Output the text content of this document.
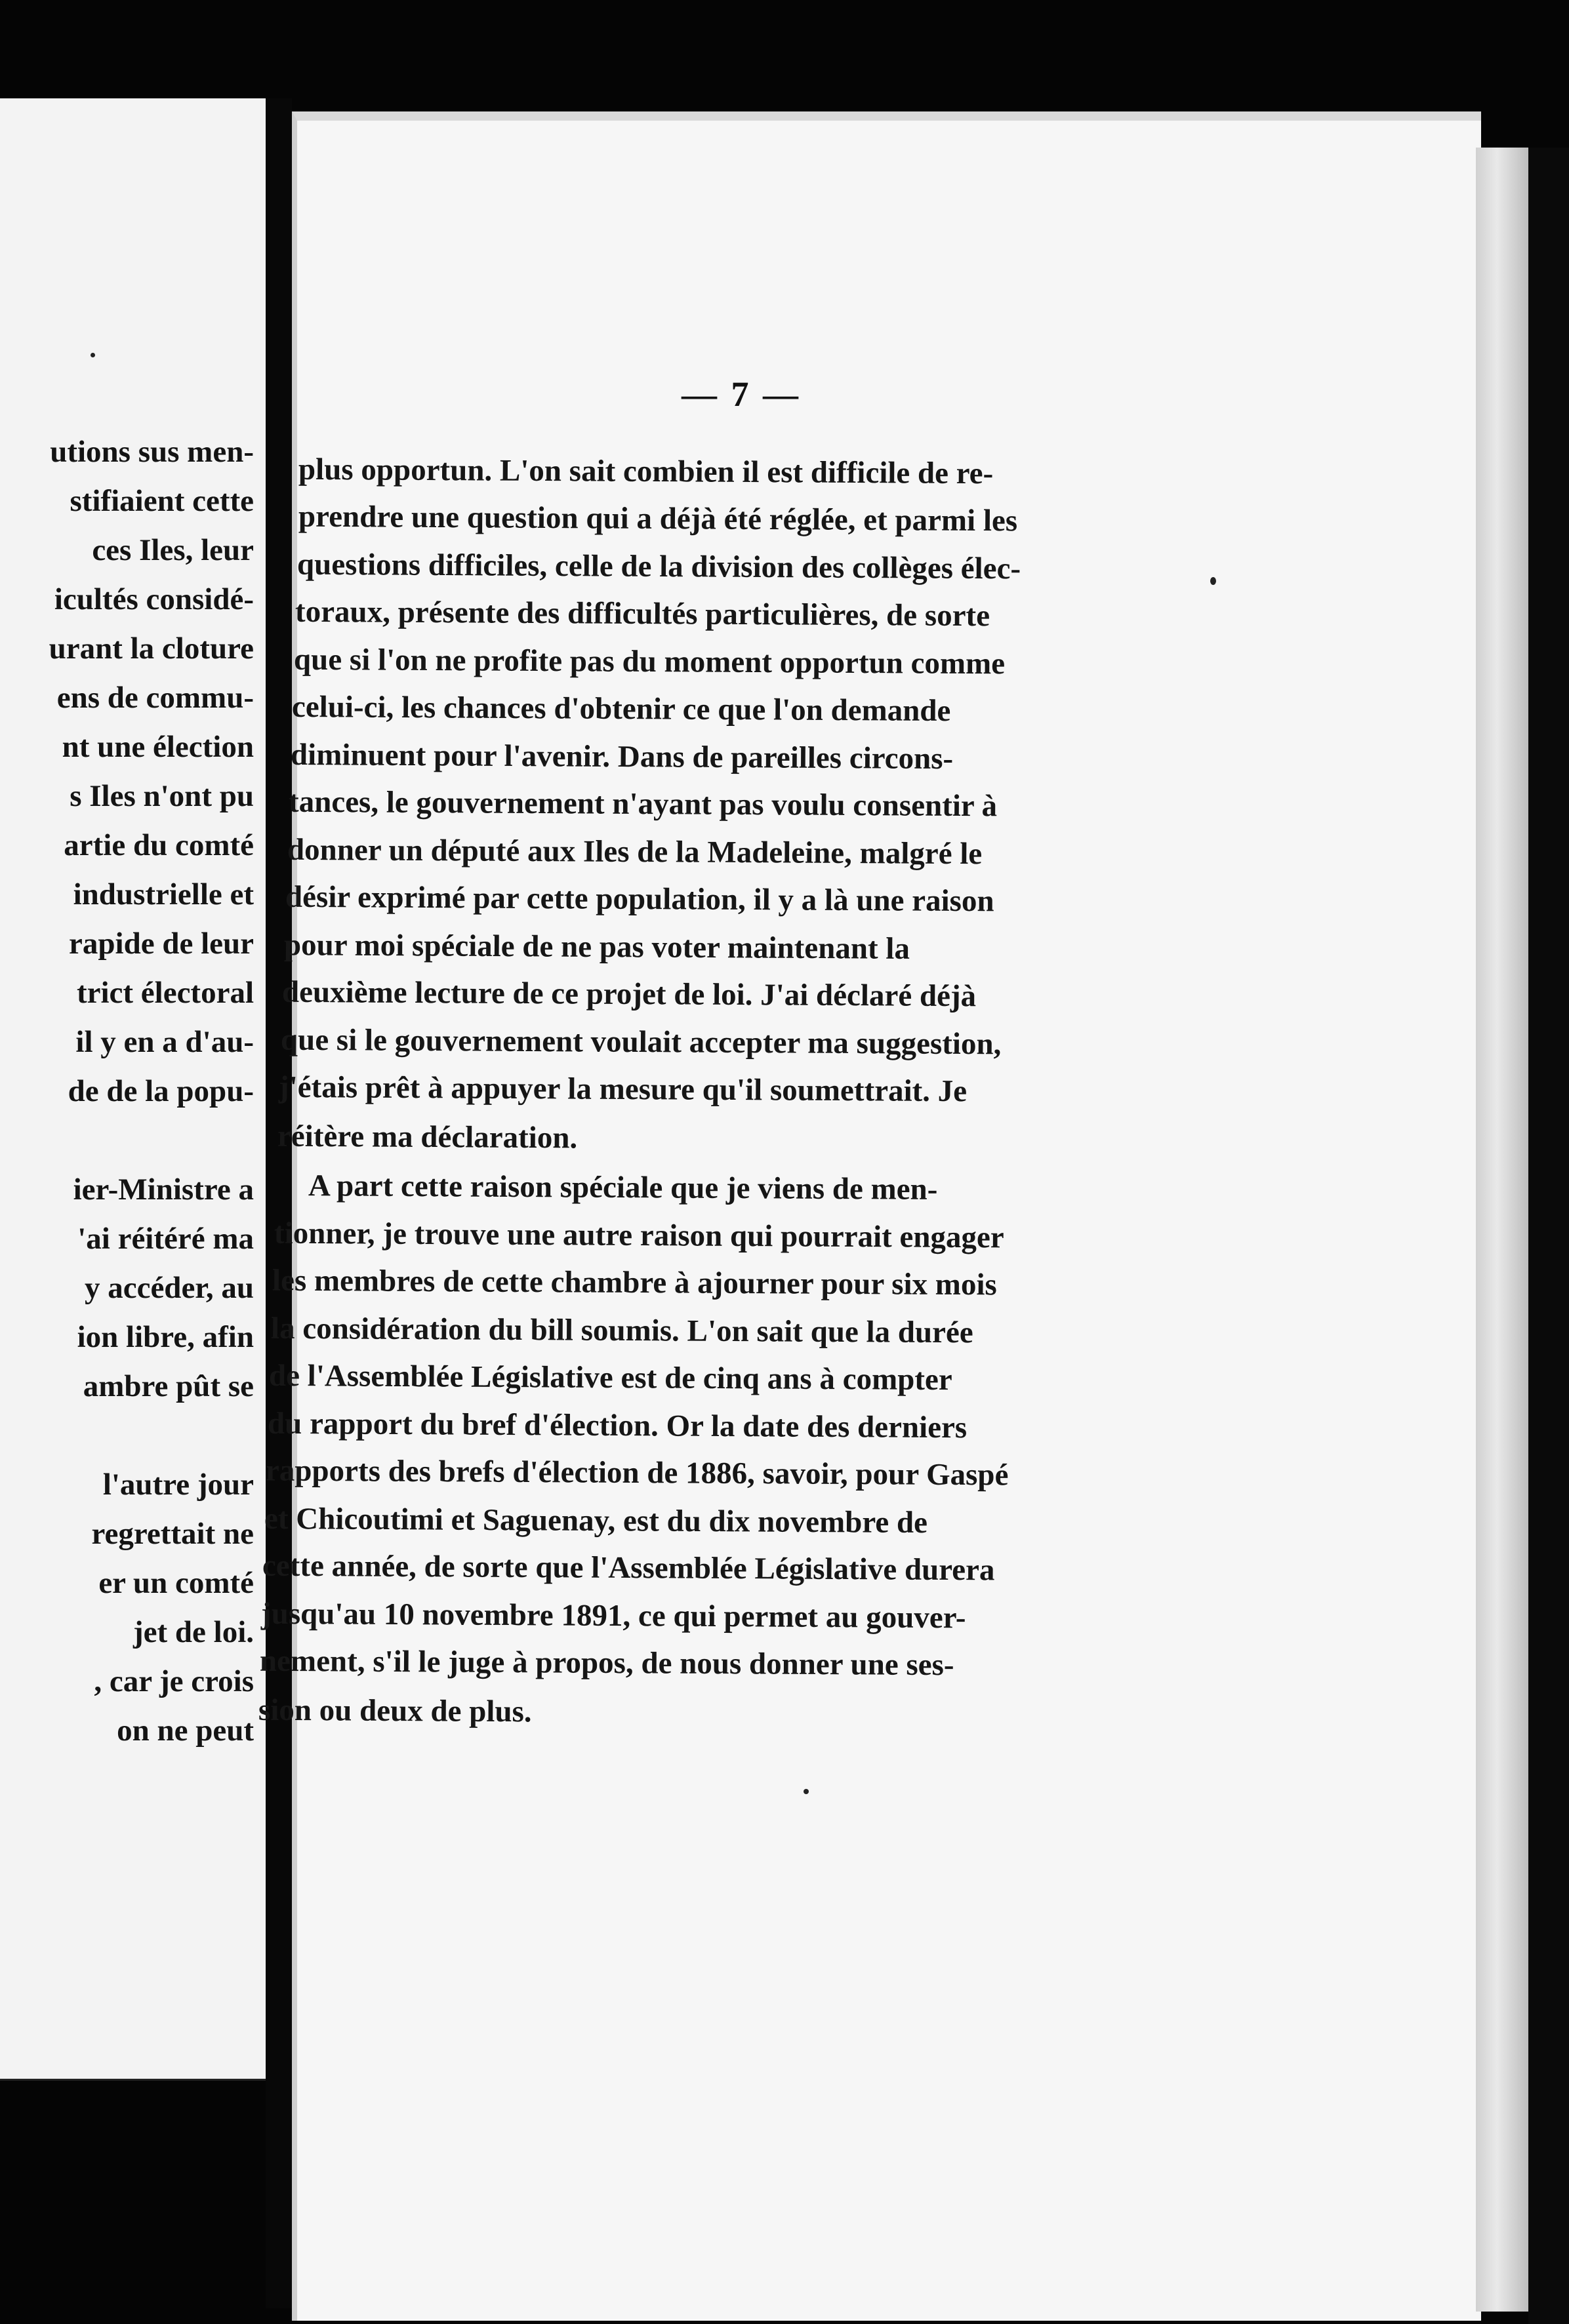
utions sus men-
stifiaient cette
ces Iles, leur
icultés considé-
urant la cloture
ens de commu-
nt une élection
s Iles n'ont pu
artie du comté
industrielle et
rapide de leur
trict électoral
il y en a d'au-
de de la popu-
ier-Ministre a
'ai réitéré ma
y accéder, au
ion libre, afin
ambre pût se
l'autre jour
regrettait ne
er un comté
jet de loi.
, car je crois
on ne peut
— 7 —
plus opportun. L'on sait combien il est difficile de re-
prendre une question qui a déjà été réglée, et parmi les
questions difficiles, celle de la division des collèges élec-
toraux, présente des difficultés particulières, de sorte
que si l'on ne profite pas du moment opportun comme
celui-ci, les chances d'obtenir ce que l'on demande
diminuent pour l'avenir. Dans de pareilles circons-
tances, le gouvernement n'ayant pas voulu consentir à
donner un député aux Iles de la Madeleine, malgré le
désir exprimé par cette population, il y a là une raison
pour moi spéciale de ne pas voter maintenant la
deuxième lecture de ce projet de loi. J'ai déclaré déjà
que si le gouvernement voulait accepter ma suggestion,
j'étais prêt à appuyer la mesure qu'il soumettrait. Je
réitère ma déclaration.
A part cette raison spéciale que je viens de men-
tionner, je trouve une autre raison qui pourrait engager
les membres de cette chambre à ajourner pour six mois
la considération du bill soumis. L'on sait que la durée
de l'Assemblée Législative est de cinq ans à compter
du rapport du bref d'élection. Or la date des derniers
rapports des brefs d'élection de 1886, savoir, pour Gaspé
et Chicoutimi et Saguenay, est du dix novembre de
cette année, de sorte que l'Assemblée Législative durera
jusqu'au 10 novembre 1891, ce qui permet au gouver-
nement, s'il le juge à propos, de nous donner une ses-
sion ou deux de plus.
